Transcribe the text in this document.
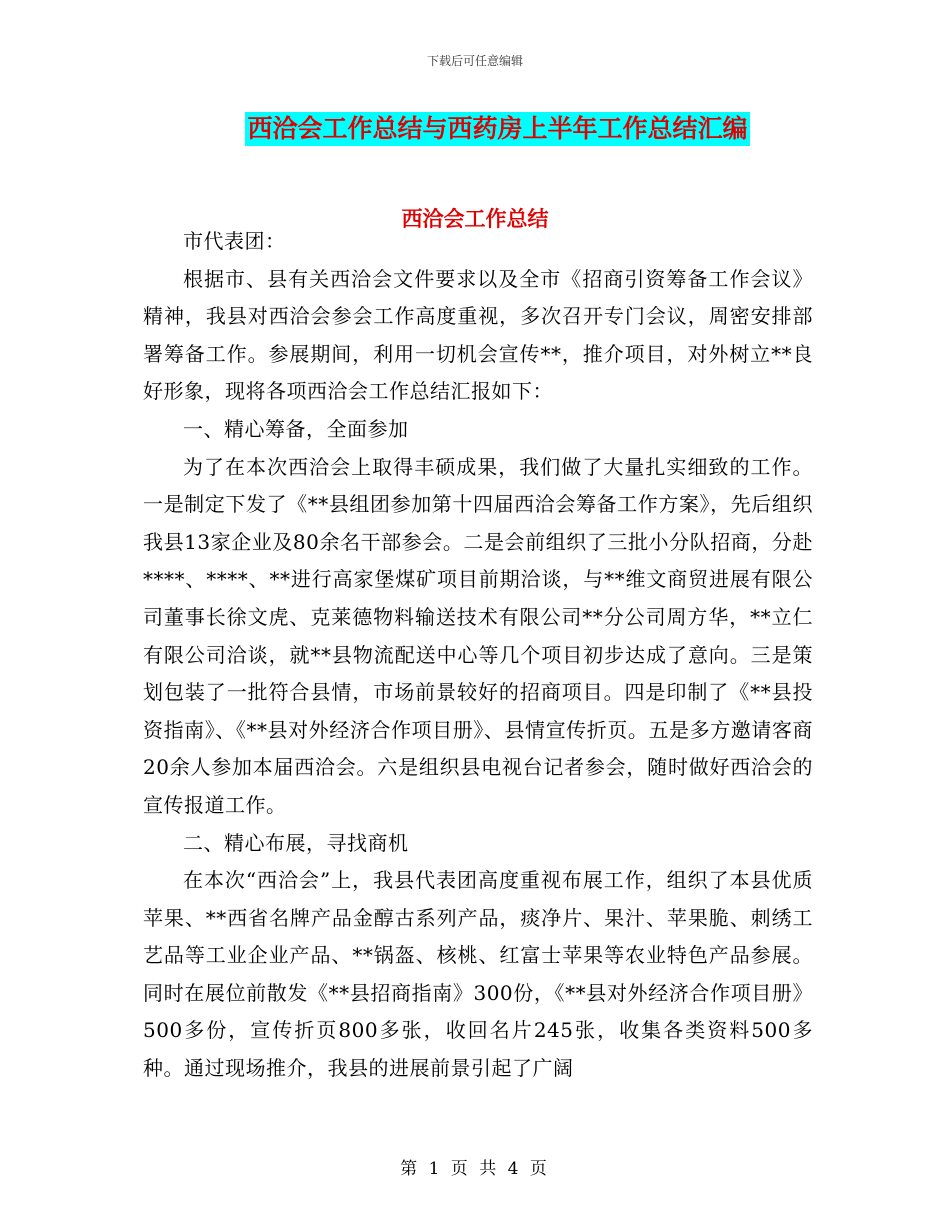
下载后可任意编辑
西洽会工作总结与西药房上半年工作总结汇编
西洽会工作总结

市代表团：

根据市、县有关西洽会文件要求以及全市《招商引资筹备工作会议》精神，我县对西洽会参会工作高度重视，多次召开专门会议，周密安排部署筹备工作。参展期间，利用一切机会宣传**，推介项目，对外树立**良好形象，现将各项西洽会工作总结汇报如下：

一、精心筹备，全面参加

为了在本次西洽会上取得丰硕成果，我们做了大量扎实细致的工作。一是制定下发了《**县组团参加第十四届西洽会筹备工作方案》，先后组织我县13家企业及80余名干部参会。二是会前组织了三批小分队招商，分赴****、****、**进行高家堡煤矿项目前期洽谈，与**维文商贸进展有限公司董事长徐文虎、克莱德物料输送技术有限公司**分公司周方华，**立仁有限公司洽谈，就**县物流配送中心等几个项目初步达成了意向。三是策划包装了一批符合县情，市场前景较好的招商项目。四是印制了《**县投资指南》、《**县对外经济合作项目册》、县情宣传折页。五是多方邀请客商20余人参加本届西洽会。六是组织县电视台记者参会，随时做好西洽会的宣传报道工作。

二、精心布展，寻找商机

在本次“西洽会”上，我县代表团高度重视布展工作，组织了本县优质苹果、**西省名牌产品金醇古系列产品，痰净片、果汁、苹果脆、刺绣工艺品等工业企业产品、**锅盔、核桃、红富士苹果等农业特色产品参展。同时在展位前散发《**县招商指南》300份，《**县对外经济合作项目册》500多份，宣传折页800多张，收回名片245张，收集各类资料500多种。通过现场推介，我县的进展前景引起了广阔

第 1 页 共 4 页
